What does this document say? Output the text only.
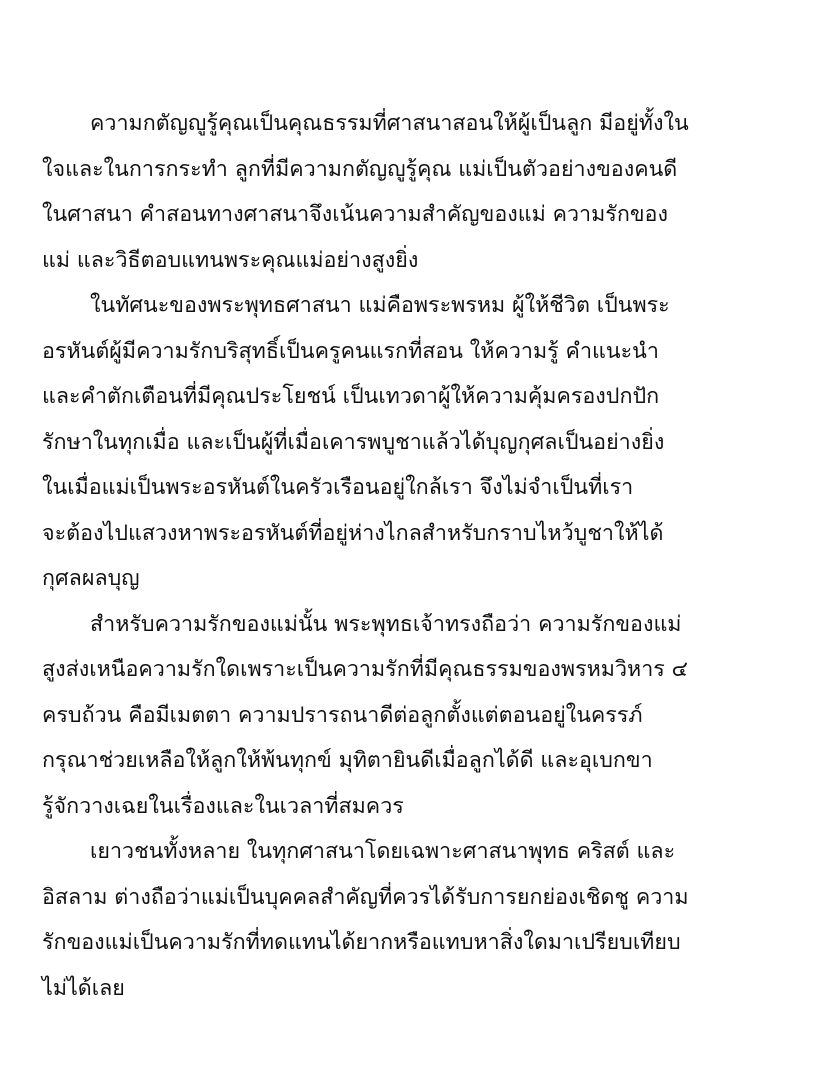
ความกตัญญูรู้คุณเป็นคุณธรรมที่ศาสนาสอนให้ผู้เป็นลูก มีอยู่ทั้งใน
ใจและในการกระทำ ลูกที่มีความกตัญญูรู้คุณ แม่เป็นตัวอย่างของคนดี
ในศาสนา คำสอนทางศาสนาจึงเน้นความสำคัญของแม่ ความรักของ
แม่ และวิธีตอบแทนพระคุณแม่อย่างสูงยิ่ง
ในทัศนะของพระพุทธศาสนา แม่คือพระพรหม ผู้ให้ชีวิต เป็นพระ
อรหันต์ผู้มีความรักบริสุทธิ์เป็นครูคนแรกที่สอน ให้ความรู้ คำแนะนำ
และคำตักเตือนที่มีคุณประโยชน์ เป็นเทวดาผู้ให้ความคุ้มครองปกปัก
รักษาในทุกเมื่อ และเป็นผู้ที่เมื่อเคารพบูชาแล้วได้บุญกุศลเป็นอย่างยิ่ง
ในเมื่อแม่เป็นพระอรหันต์ในครัวเรือนอยู่ใกล้เรา จึงไม่จำเป็นที่เรา
จะต้องไปแสวงหาพระอรหันต์ที่อยู่ห่างไกลสำหรับกราบไหว้บูชาให้ได้
กุศลผลบุญ
สำหรับความรักของแม่นั้น พระพุทธเจ้าทรงถือว่า ความรักของแม่
สูงส่งเหนือความรักใดเพราะเป็นความรักที่มีคุณธรรมของพรหมวิหาร ๔
ครบถ้วน คือมีเมตตา ความปรารถนาดีต่อลูกตั้งแต่ตอนอยู่ในครรภ์
กรุณาช่วยเหลือให้ลูกให้พ้นทุกข์ มุทิตายินดีเมื่อลูกได้ดี และอุเบกขา
รู้จักวางเฉยในเรื่องและในเวลาที่สมควร
เยาวชนทั้งหลาย ในทุกศาสนาโดยเฉพาะศาสนาพุทธ คริสต์ และ
อิสลาม ต่างถือว่าแม่เป็นบุคคลสำคัญที่ควรได้รับการยกย่องเชิดชู ความ
รักของแม่เป็นความรักที่ทดแทนได้ยากหรือแทบหาสิ่งใดมาเปรียบเทียบ
ไม่ได้เลย
